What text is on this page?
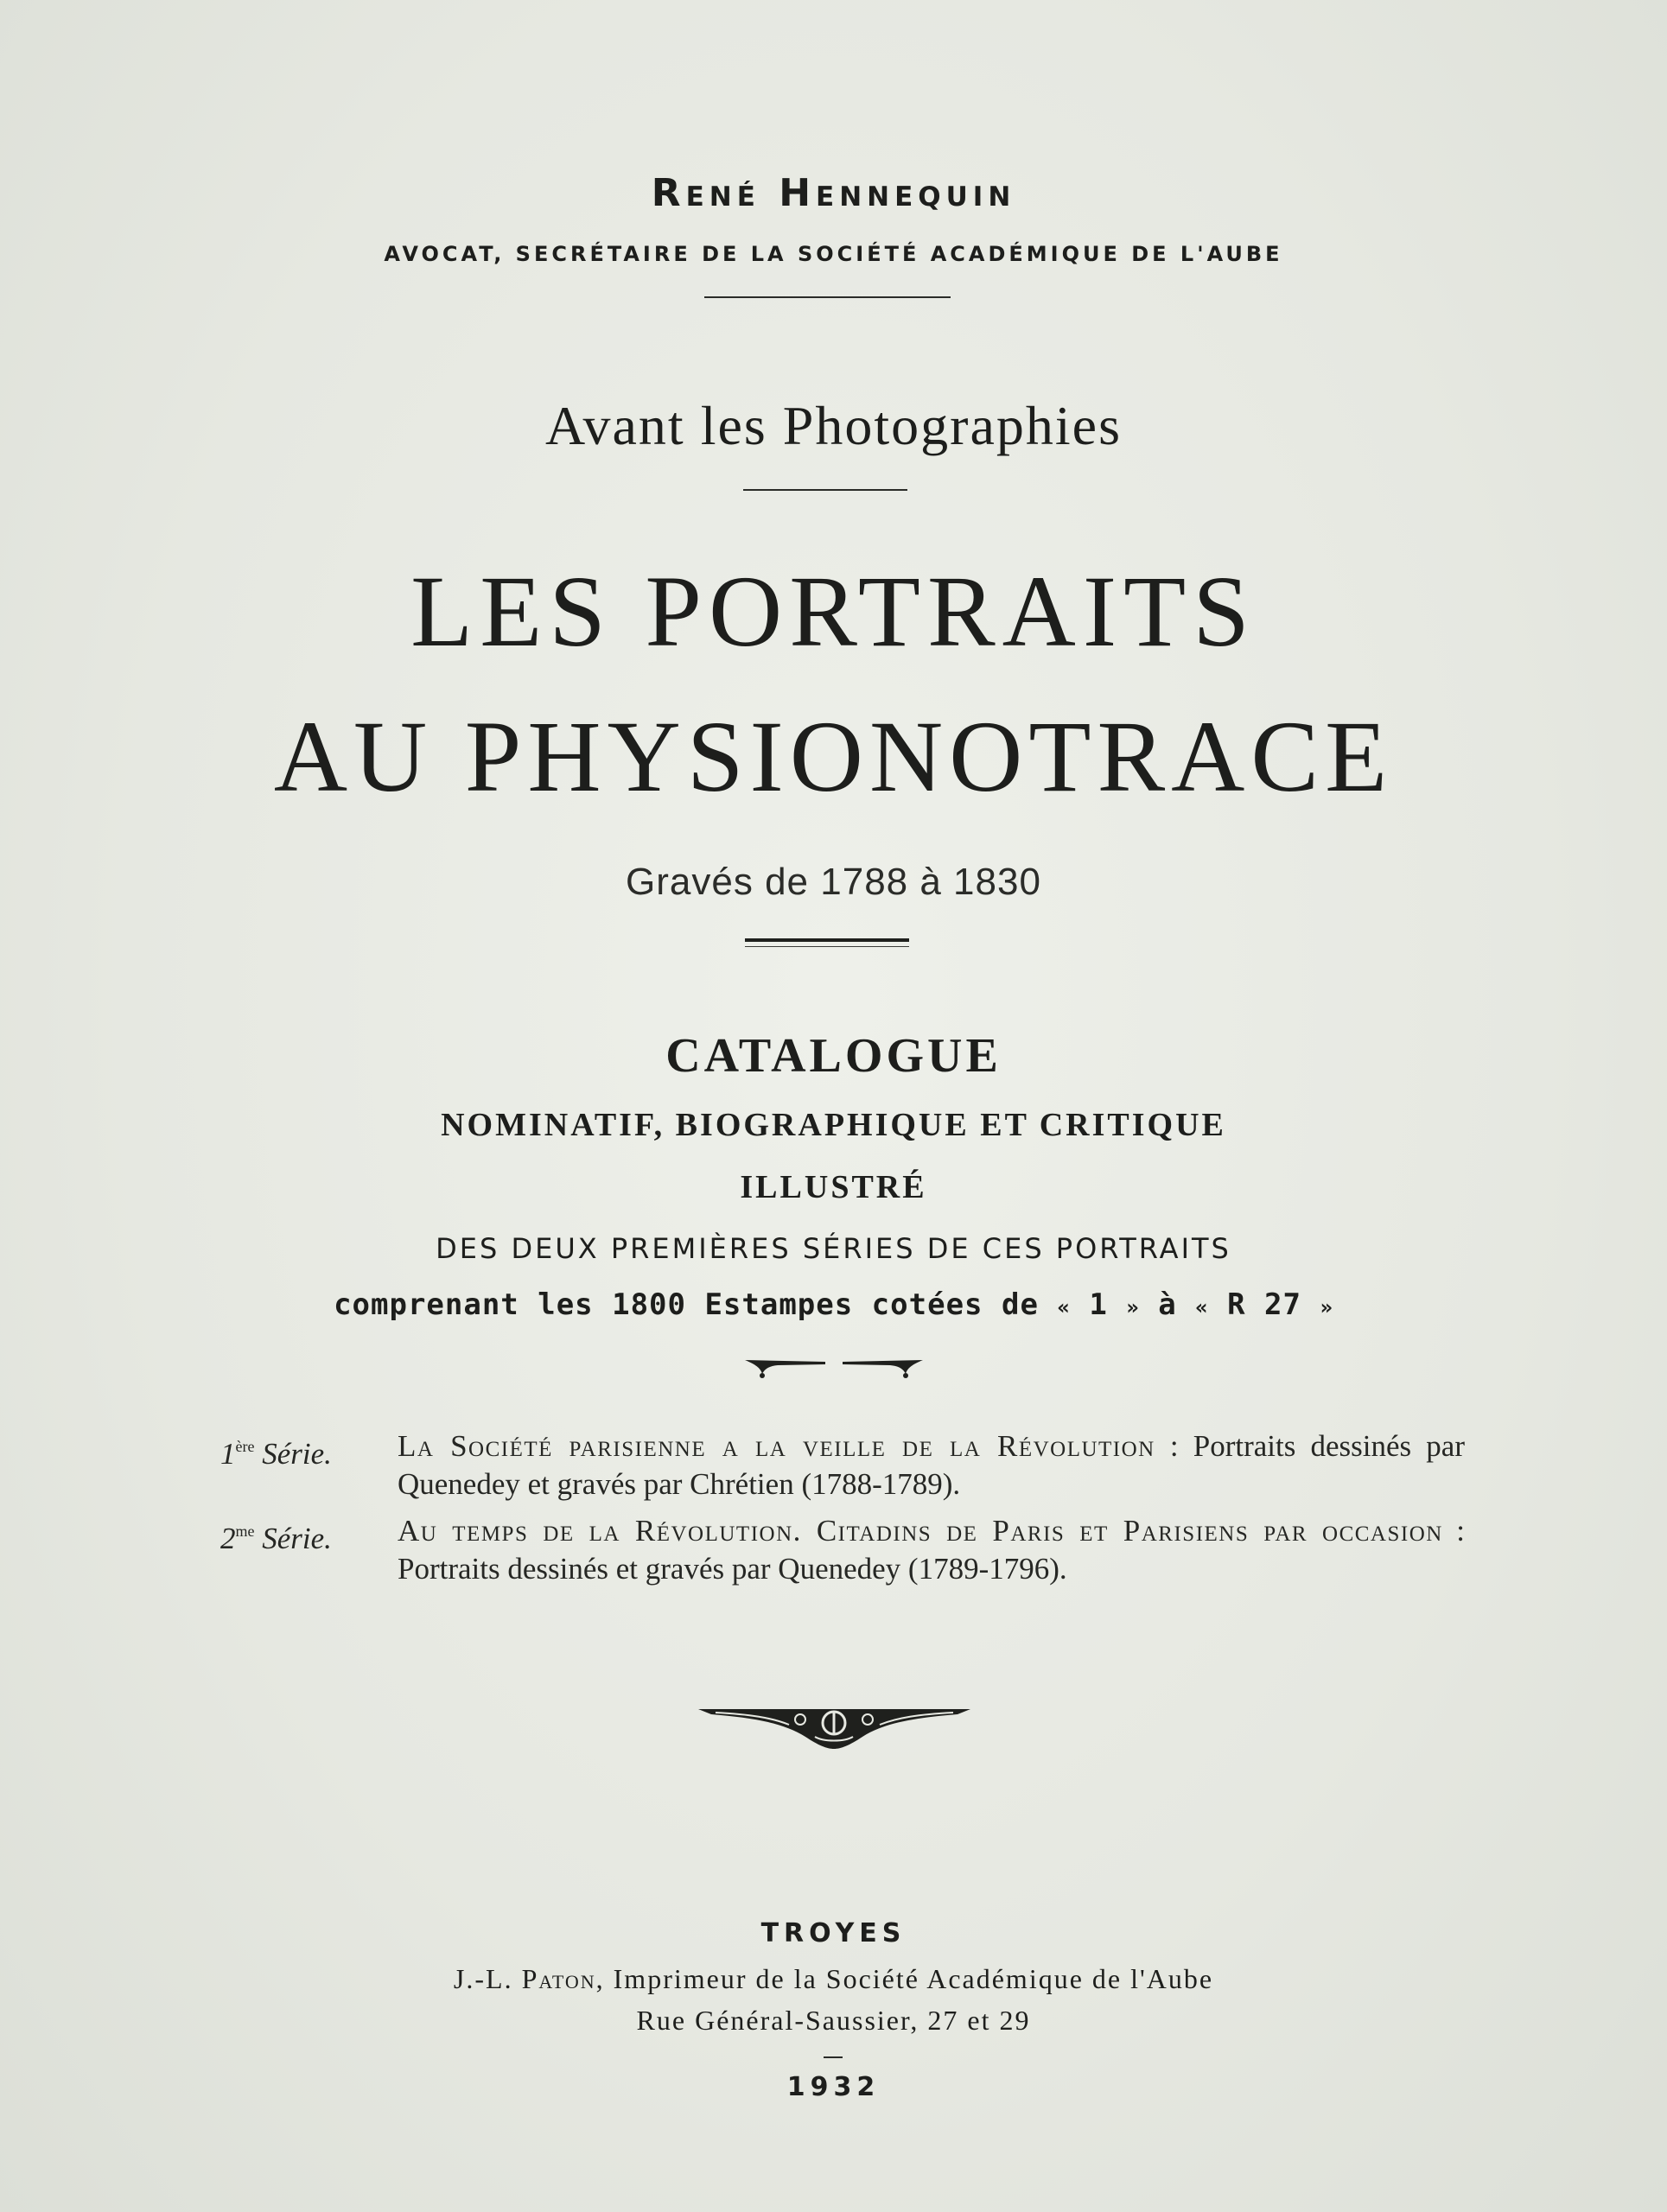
René Hennequin
AVOCAT, SECRÉTAIRE DE LA SOCIÉTÉ ACADÉMIQUE DE L'AUBE
Avant les Photographies
LES PORTRAITS
AU PHYSIONOTRACE
Gravés de 1788 à 1830
CATALOGUE
NOMINATIF, BIOGRAPHIQUE ET CRITIQUE
ILLUSTRÉ
DES DEUX PREMIÈRES SÉRIES DE CES PORTRAITS
comprenant les 1800 Estampes cotées de « 1 » à « R 27 »
1ère Série. La Société parisienne a la veille de la Révolution : Portraits dessinés par Quenedey et gravés par Chrétien (1788-1789).
$2^{me}$ Série. Au temps de la Révolution. Citadins de Paris et Parisiens par occasion : Portraits dessinés et gravés par Quenedey (1789-1796).
TROYES
J.-L. Paton, Imprimeur de la Société Académique de l'Aube
Rue Général-Saussier, 27 et 29
1932
